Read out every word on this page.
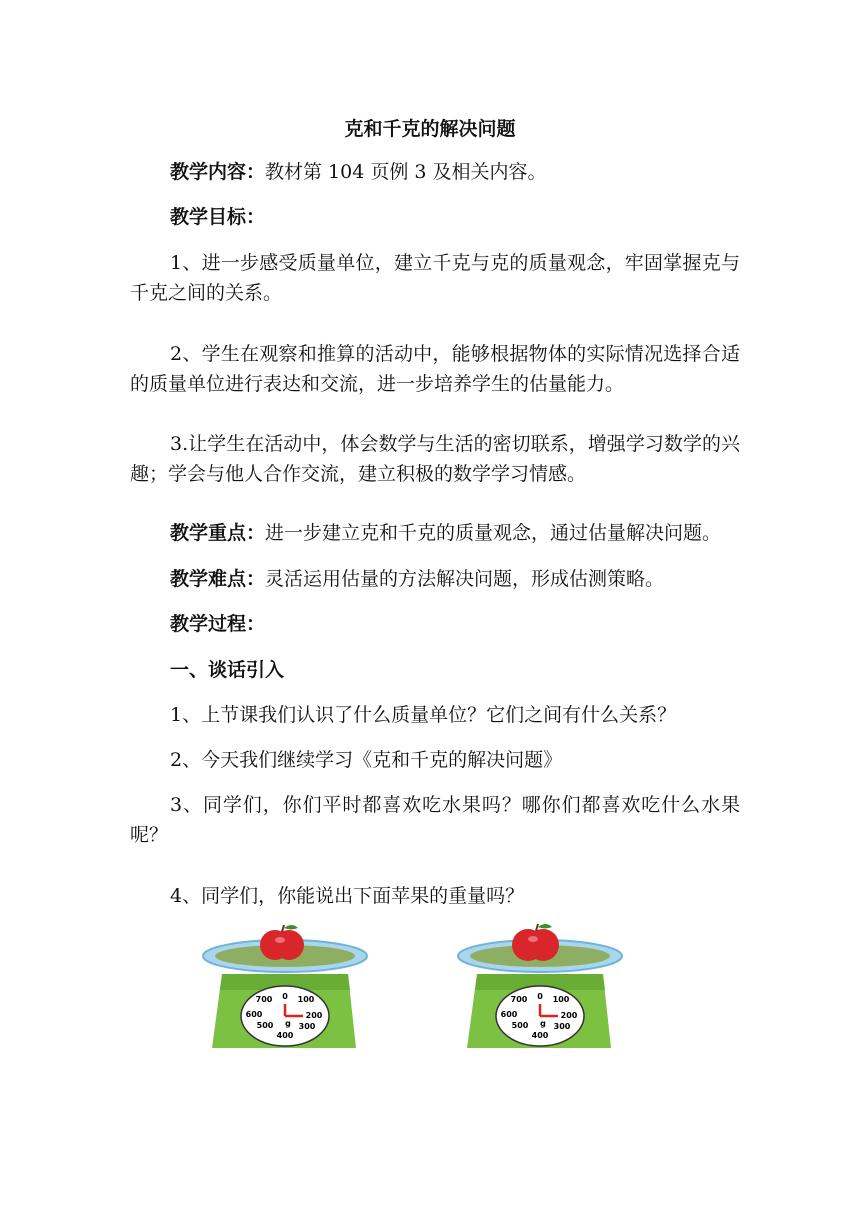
克和千克的解决问题
教学内容：教材第 104 页例 3 及相关内容。
教学目标：
1、进一步感受质量单位，建立千克与克的质量观念，牢固掌握克与千克之间的关系。
2、学生在观察和推算的活动中，能够根据物体的实际情况选择合适的质量单位进行表达和交流，进一步培养学生的估量能力。
3.让学生在活动中，体会数学与生活的密切联系，增强学习数学的兴趣；学会与他人合作交流，建立积极的数学学习情感。
教学重点：进一步建立克和千克的质量观念，通过估量解决问题。
教学难点：灵活运用估量的方法解决问题，形成估测策略。
教学过程：
一、谈话引入
1、上节课我们认识了什么质量单位？它们之间有什么关系？
2、今天我们继续学习《克和千克的解决问题》
3、同学们，你们平时都喜欢吃水果吗？哪你们都喜欢吃什么水果呢？
4、同学们，你能说出下面苹果的重量吗？
0 100
200
300
400
500
600
700
g
0 100
200
300
400
500
600
700
g
